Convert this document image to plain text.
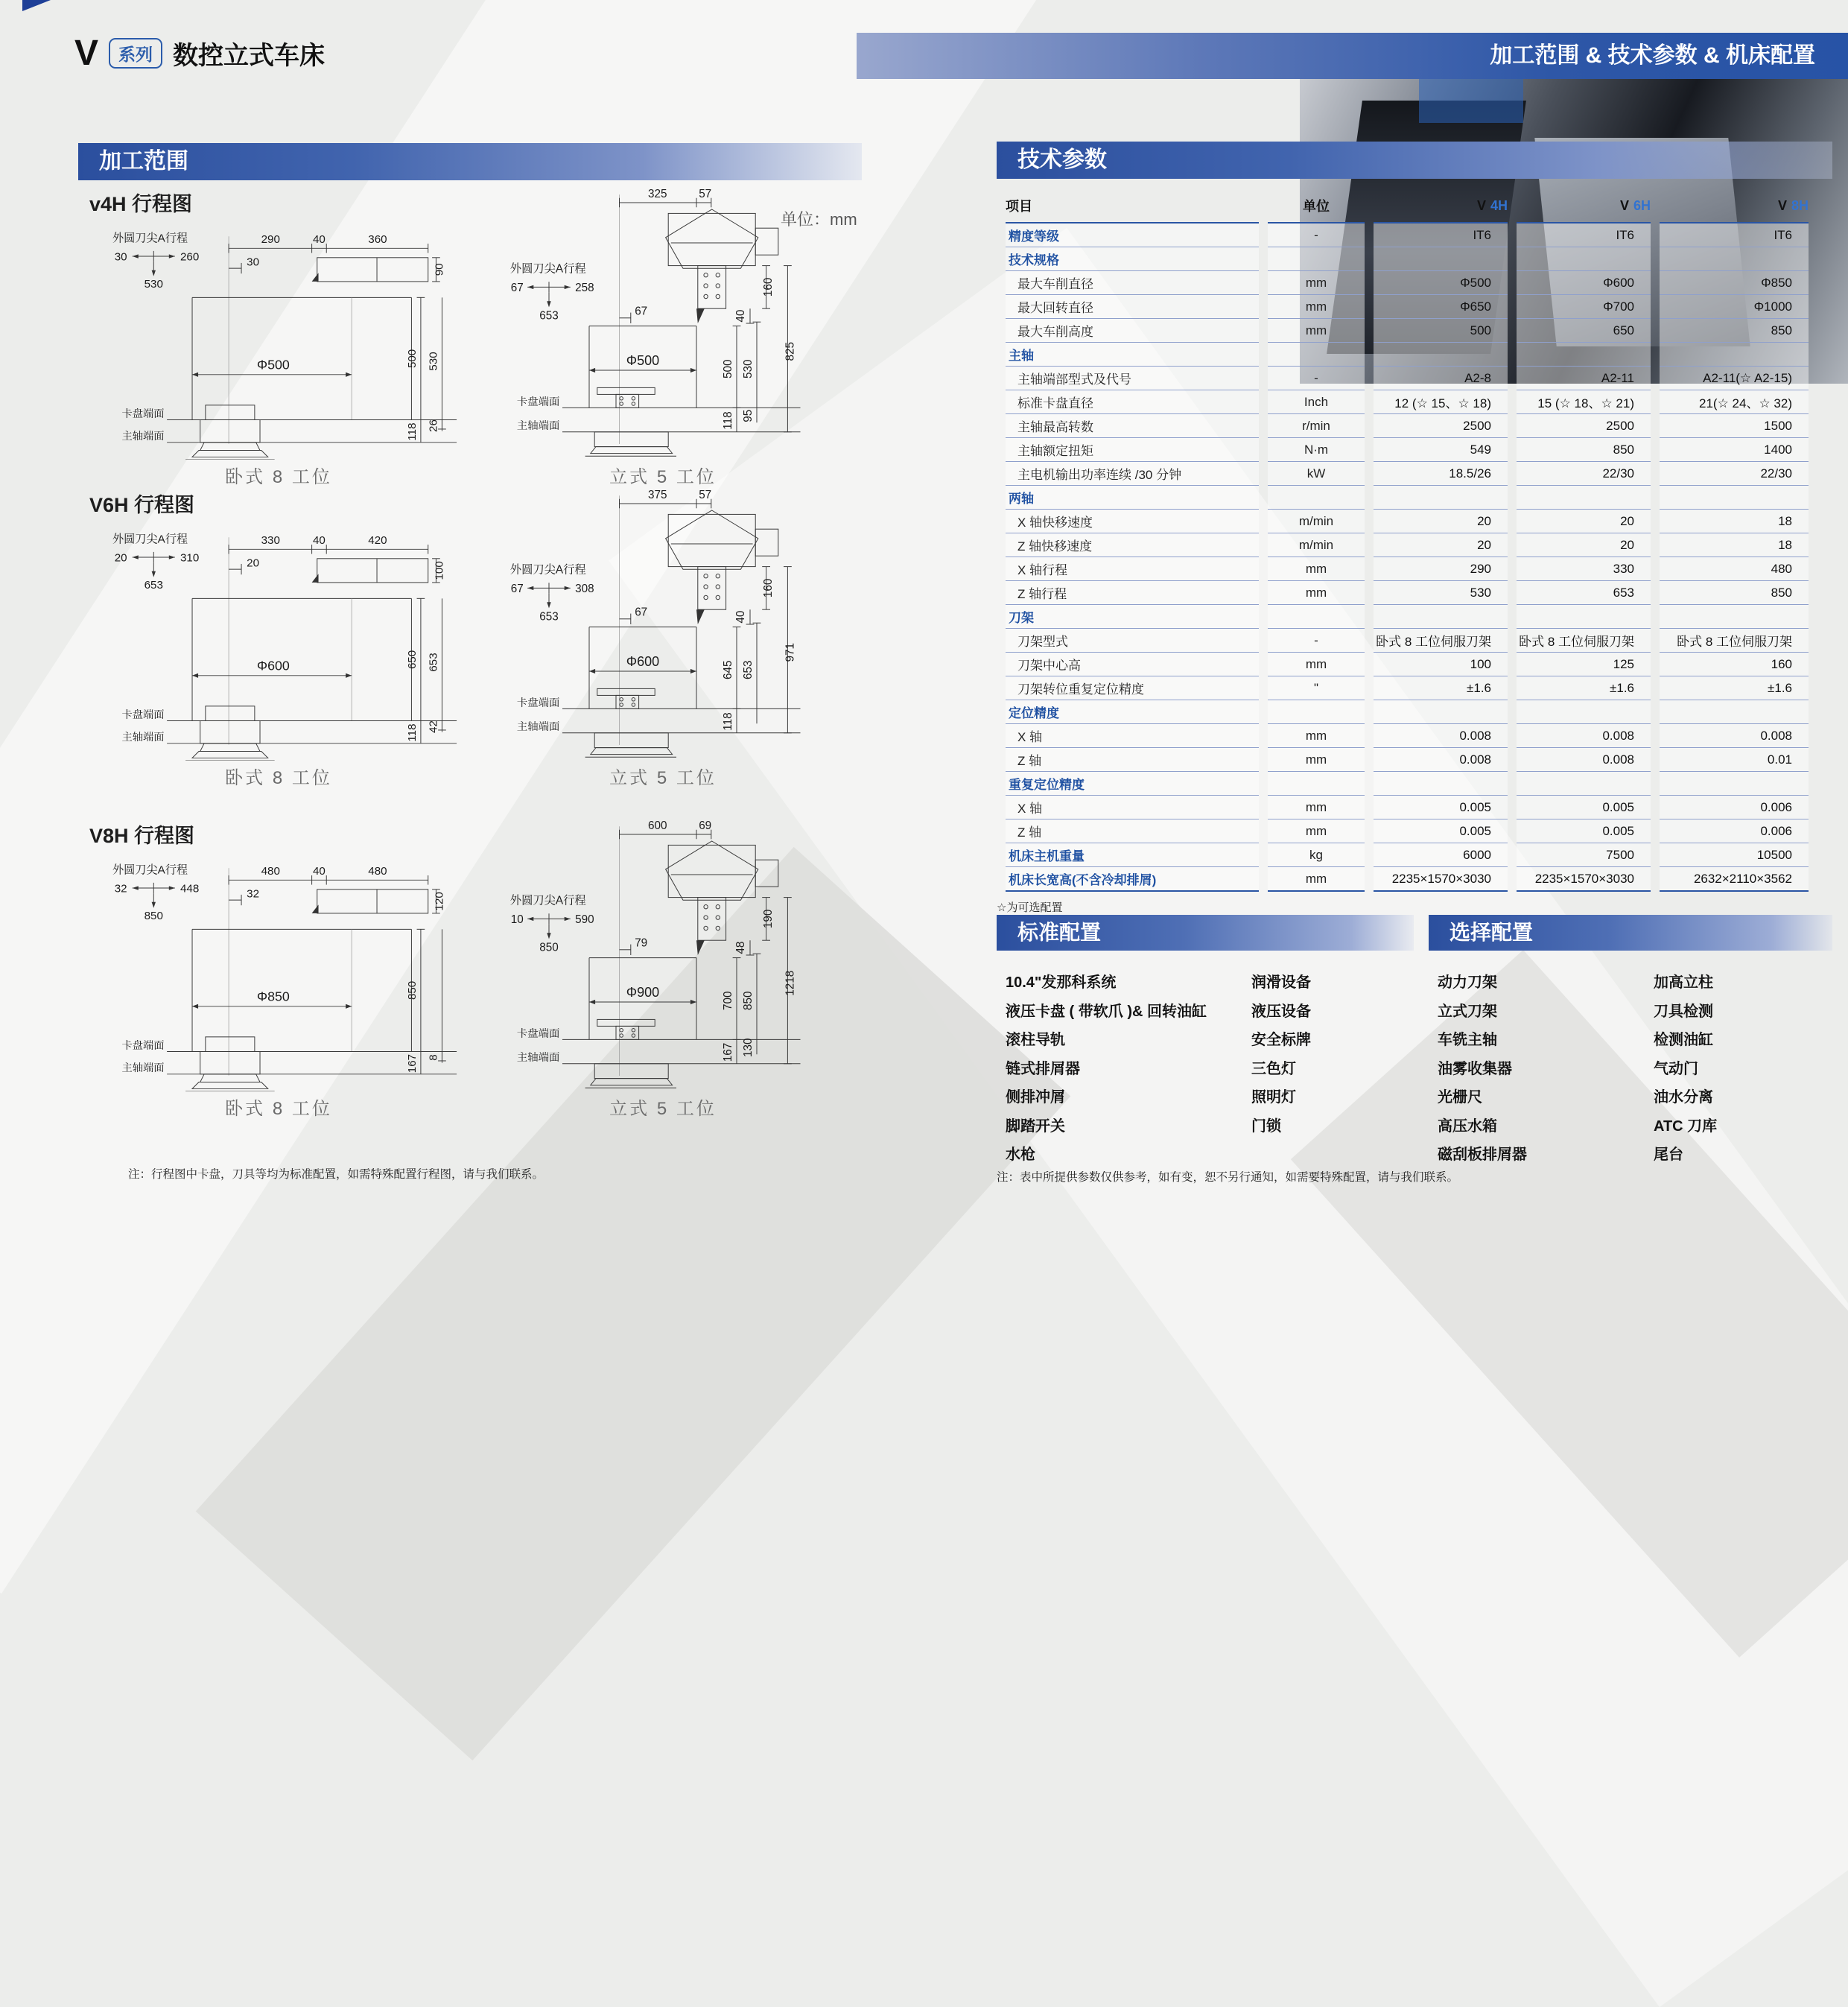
V	系列 数控立式车床	加工范围 & 技术参数 & 机床配置
加工范围
单位：mm
v4H 行程图
外圆刀尖A行程
30	260
530
290	40	360
30
90
Φ500	500 530
卡盘端面
主轴端面	118 26
卧式 8 工位
外圆刀尖A行程
67	258
653
325	57
160
40
67
Φ500	500 530
825
卡盘端面
主轴端面	118 95
立式 5 工位
V6H 行程图
外圆刀尖A行程
20	310
653
330	40	420
20	100
Φ600	650 653
卡盘端面
主轴端面	118 42
卧式 8 工位
外圆刀尖A行程
67	308
653
375	57
160
40
67
Φ600	645 653
971
卡盘端面
主轴端面	118
立式 5 工位
V8H 行程图
外圆刀尖A行程
32	448
850
480	40	480
32	120
Φ850	850
卡盘端面
主轴端面	167 8
卧式 8 工位
外圆刀尖A行程
10	590
850
600	69
190
48
79
Φ900	700 850
1218
卡盘端面
主轴端面	167 130
立式 5 工位
注：行程图中卡盘，刀具等均为标准配置，如需特殊配置行程图，请与我们联系。
技术参数
项目	单位	V 4H	V 6H	V 8H
精度等级	-	IT6	IT6	IT6
技术规格				
最大车削直径	mm	Φ500	Φ600	Φ850
最大回转直径	mm	Φ650	Φ700	Φ1000
最大车削高度	mm	500	650	850
主轴				
主轴端部型式及代号	-	A2-8	A2-11	A2-11(☆ A2-15)
标准卡盘直径	Inch	12 (☆ 15、☆ 18)	15 (☆ 18、☆ 21)	21(☆ 24、☆ 32)
主轴最高转数	r/min	2500	2500	1500
主轴额定扭矩	N·m	549	850	1400
主电机输出功率连续 /30 分钟	kW	18.5/26	22/30	22/30
两轴				
X 轴快移速度	m/min	20	20	18
Z 轴快移速度	m/min	20	20	18
X 轴行程	mm	290	330	480
Z 轴行程	mm	530	653	850
刀架				
刀架型式	-	卧式 8 工位伺服刀架	卧式 8 工位伺服刀架	卧式 8 工位伺服刀架
刀架中心高	mm	100	125	160
刀架转位重复定位精度	"	±1.6	±1.6	±1.6
定位精度				
X 轴	mm	0.008	0.008	0.008
Z 轴	mm	0.008	0.008	0.01
重复定位精度				
X 轴	mm	0.005	0.005	0.006
Z 轴	mm	0.005	0.005	0.006
机床主机重量	kg	6000	7500	10500
机床长宽高(不含冷却排屑)	mm	2235×1570×3030	2235×1570×3030	2632×2110×3562
☆为可选配置
标准配置
10.4"发那科系统
液压卡盘 ( 带软爪 )& 回转油缸
滚柱导轨
链式排屑器
侧排冲屑
脚踏开关
水枪
润滑设备
液压设备
安全标牌
三色灯
照明灯
门锁
选择配置
动力刀架
立式刀架
车铣主轴
油雾收集器
光栅尺
高压水箱
磁刮板排屑器
加高立柱
刀具检测
检测油缸
气动门
油水分离
ATC 刀库
尾台
注：表中所提供参数仅供参考，如有变，恕不另行通知，如需要特殊配置，请与我们联系。
